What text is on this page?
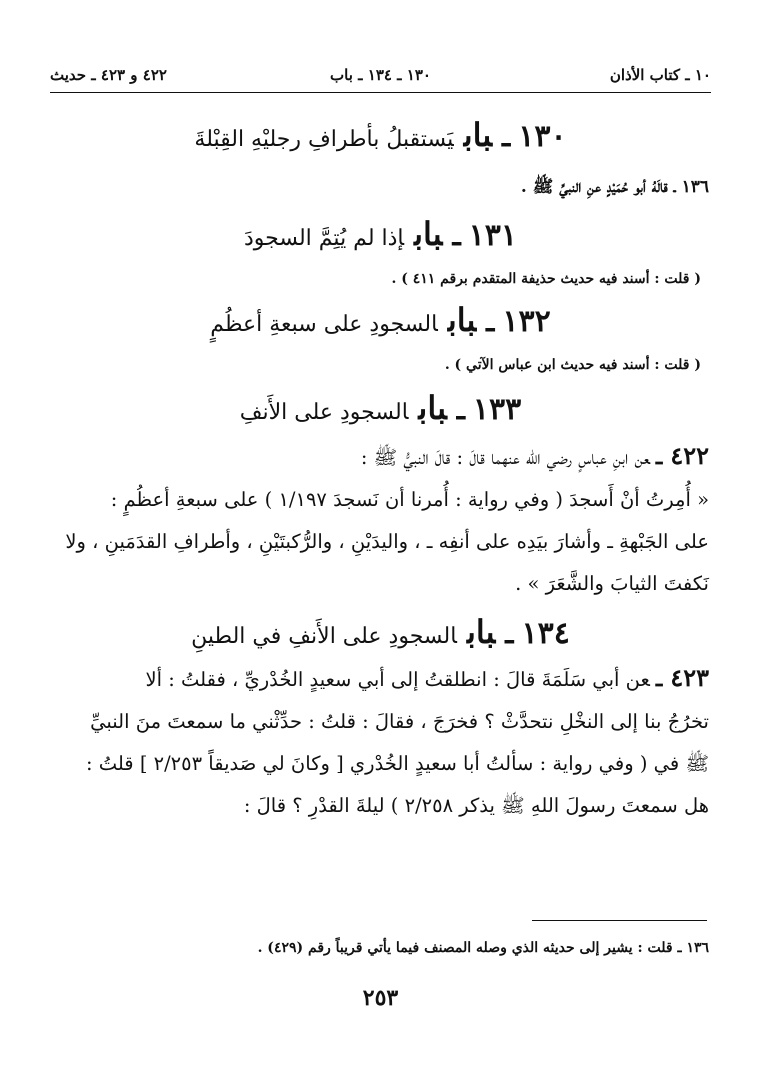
١٠ ـ كتاب الأذان
١٣٠ ـ ١٣٤ ـ باب
٤٢٢ و ٤٢٣ ـ حديث

١٣٠ـبابيَستقبلُ بأطرافِ رجليْهِ القِبْلةَ

١٣٦ ـ قالَهُ أبو حُمَيْدٍ عنِ النبيِّ ﷺ .

١٣١ـبابإذا لم يُتِمَّ السجودَ

( قلت : أسند فيه حديث حذيفة المتقدم برقم ٤١١ ) .

١٣٢ـبابالسجودِ على سبعةِ أعظُمٍ

( قلت : أسند فيه حديث ابن عباس الآتي ) .

١٣٣ـبابالسجودِ على الأَنفِ

٤٢٢ـعن ابنِ عباسٍ رضي الله عنهما قالَ : قالَ النبيُّ ﷺ :

« أُمِرتُ أنْ أَسجدَ ( وفي رواية : أُمرنا أن نَسجدَ ١/١٩٧ ) على سبعةِ أعظُمٍ :

على الجَبْهةِ ـ وأشارَ بيَدِه على أنفِه ـ ، واليدَيْنِ ، والرُّكبتَيْنِ ، وأطرافِ القدَمَينِ ، ولا

نَكفتَ الثيابَ والشَّعَرَ » .

١٣٤ـبابالسجودِ على الأَنفِ في الطينِ

٤٢٣ـعن أبي سَلَمَةَ قالَ : انطلقتُ إلى أبي سعيدٍ الخُدْريِّ ، فقلتُ : ألا

تخرُجُ بنا إلى النخْلِ نتحدَّثْ ؟ فخرَجَ ، فقالَ : قلتُ : حدِّثْني ما سمعتَ منَ النبيِّ

ﷺ في ( وفي رواية : سألتُ أبا سعيدٍ الخُدْري [ وكانَ لي صَديقاً ٢/٢٥٣ ] قلتُ :

هل سمعتَ رسولَ اللهِ ﷺ يذكر ٢/٢٥٨ ) ليلةَ القدْرِ ؟ قالَ :

١٣٦ ـ قلت : يشير إلى حديثه الذي وصله المصنف فيما يأتي قريباً رقم (٤٢٩) .

٢٥٣
